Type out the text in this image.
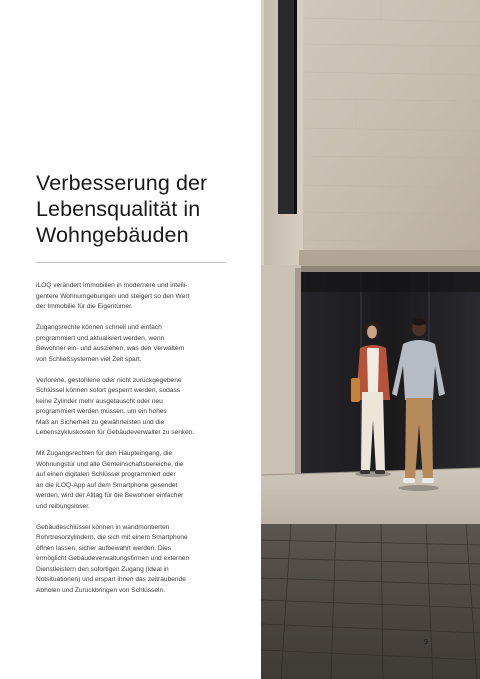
Verbesserung der
Lebensqualität in
Wohngebäuden

iLOQ verändert Immobilien in modernere und intelli-
gentere Wohnumgebungen und steigert so den Wert
der Immobilie für die Eigentümer.

Zugangsrechte können schnell und einfach
programmiert und aktualisiert werden, wenn
Bewohner ein- und ausziehen, was den Verwaltern
von Schließsystemen viel Zeit spart.

Verlorene, gestohlene oder nicht zurückgegebene
Schlüssel können sofort gesperrt werden, sodass
keine Zylinder mehr ausgetauscht oder neu
programmiert werden müssen, um ein hohes
Maß an Sicherheit zu gewährleisten und die
Lebenszykluskosten für Gebäudeverwalter zu senken.

Mit Zugangsrechten für den Haupteingang, die
Wohnungstür und alle Gemeinschaftsbereiche, die
auf einen digitalen Schlüssel programmiert oder
an die iLOQ-App auf dem Smartphone gesendet
werden, wird der Alltag für die Bewohner einfacher
und reibungsloser.

Gebäudeschlüssel können in wandmontierten
Rohrtresorzylindern, die sich mit einem Smartphone
öffnen lassen, sicher aufbewahrt werden. Dies
ermöglicht Gebäudeverwaltungsfirmen und externen
Dienstleistern den sofortigen Zugang (ideal in
Notsituationen) und erspart ihnen das zeitraubende
Abholen und Zurückbringen von Schlüsseln.

9
